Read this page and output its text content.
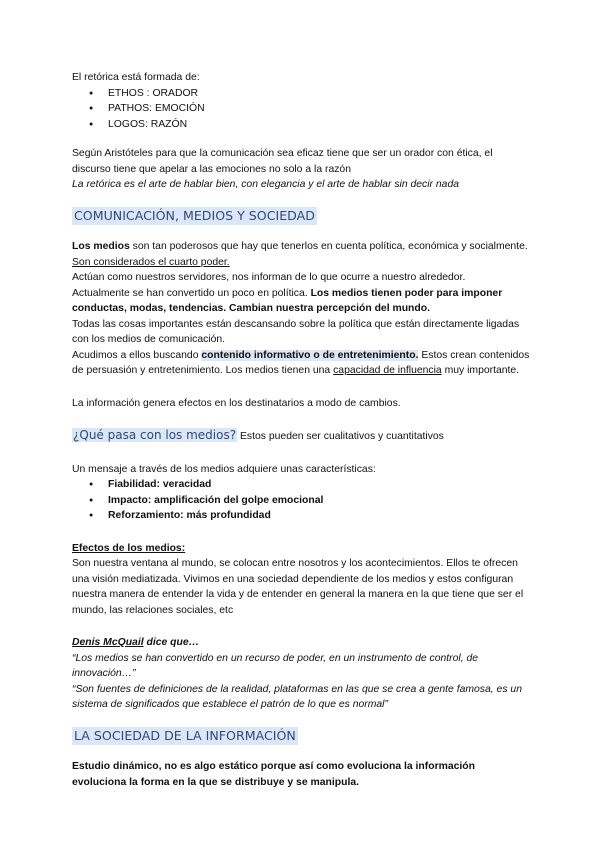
El retórica está formada de:

● ETHOS : ORADOR
● PATHOS: EMOCIÓN
● LOGOS: RAZÓN

Según Aristóteles para que la comunicación sea eficaz tiene que ser un orador con ética, el discurso tiene que apelar a las emociones no solo a la razón

La retórica es el arte de hablar bien, con elegancia y el arte de hablar sin decir nada

COMUNICACIÓN, MEDIOS Y SOCIEDAD

Los medios son tan poderosos que hay que tenerlos en cuenta política, económica y socialmente. Son considerados el cuarto poder.

Actúan como nuestros servidores, nos informan de lo que ocurre a nuestro alrededor.

Actualmente se han convertido un poco en política. Los medios tienen poder para imponer conductas, modas, tendencias. Cambian nuestra percepción del mundo.

Todas las cosas importantes están descansando sobre la política que están directamente ligadas con los medios de comunicación.

Acudimos a ellos buscando contenido informativo o de entretenimiento. Estos crean contenidos de persuasión y entretenimiento. Los medios tienen una capacidad de influencia muy importante.

La información genera efectos en los destinatarios a modo de cambios.

¿Qué pasa con los medios? Estos pueden ser cualitativos y cuantitativos

Un mensaje a través de los medios adquiere unas características:

● Fiabilidad: veracidad
● Impacto: amplificación del golpe emocional
● Reforzamiento: más profundidad

Efectos de los medios:

Son nuestra ventana al mundo, se colocan entre nosotros y los acontecimientos. Ellos te ofrecen una visión mediatizada. Vivimos en una sociedad dependiente de los medios y estos configuran nuestra manera de entender la vida y de entender en general la manera en la que tiene que ser el mundo, las relaciones sociales, etc

Denis McQuail dice que…

“Los medios se han convertido en un recurso de poder, en un instrumento de control, de innovación…”

“Son fuentes de definiciones de la realidad, plataformas en las que se crea a gente famosa, es un sistema de significados que establece el patrón de lo que es normal”

LA SOCIEDAD DE LA INFORMACIÓN

Estudio dinámico, no es algo estático porque así como evoluciona la información evoluciona la forma en la que se distribuye y se manipula.
